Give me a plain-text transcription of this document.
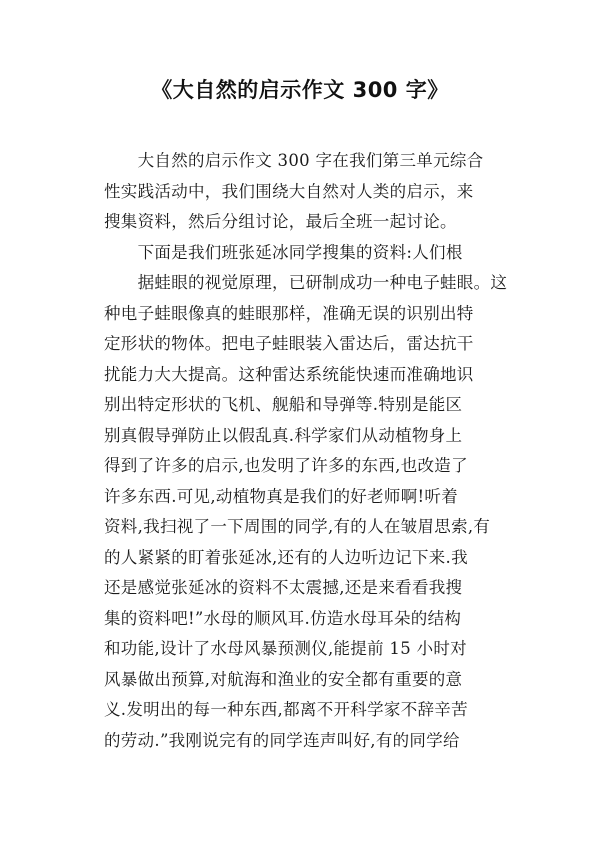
《大自然的启示作文 300 字》
　　大自然的启示作文 300 字在我们第三单元综合
性实践活动中，我们围绕大自然对人类的启示，来
搜集资料，然后分组讨论，最后全班一起讨论。
　　下面是我们班张延冰同学搜集的资料:人们根
　　据蛙眼的视觉原理，已研制成功一种电子蛙眼。这
种电子蛙眼像真的蛙眼那样，准确无误的识别出特
定形状的物体。把电子蛙眼装入雷达后，雷达抗干
扰能力大大提高。这种雷达系统能快速而准确地识
别出特定形状的飞机、舰船和导弹等.特别是能区
别真假导弹防止以假乱真.科学家们从动植物身上
得到了许多的启示,也发明了许多的东西,也改造了
许多东西.可见,动植物真是我们的好老师啊!听着
资料,我扫视了一下周围的同学,有的人在皱眉思索,有
的人紧紧的盯着张延冰,还有的人边听边记下来.我
还是感觉张延冰的资料不太震撼,还是来看看我搜
集的资料吧!”水母的顺风耳.仿造水母耳朵的结构
和功能,设计了水母风暴预测仪,能提前 15 小时对
风暴做出预算,对航海和渔业的安全都有重要的意
义.发明出的每一种东西,都离不开科学家不辞辛苦
的劳动.”我刚说完有的同学连声叫好,有的同学给
